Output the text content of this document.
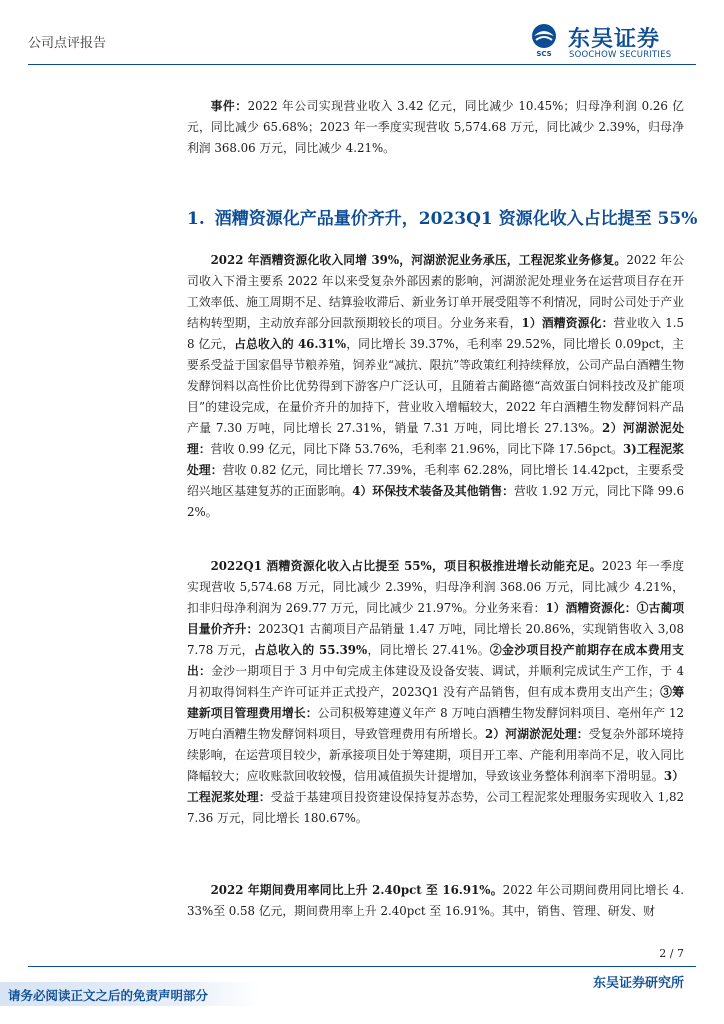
公司点评报告
SCS
东吴证券
SOOCHOW SECURITIES

事件：2022 年公司实现营业收入 3.42 亿元，同比减少 10.45%；归母净利润 0.26 亿元，同比减少 65.68%；2023 年一季度实现营收 5,574.68 万元，同比减少 2.39%，归母净利润 368.06 万元，同比减少 4.21%。

1. 酒糟资源化产品量价齐升，2023Q1 资源化收入占比提至 55%

2022 年酒糟资源化收入同增 39%，河湖淤泥业务承压，工程泥浆业务修复。2022 年公司收入下滑主要系 2022 年以来受复杂外部因素的影响，河湖淤泥处理业务在运营项目存在开工效率低、施工周期不足、结算验收滞后、新业务订单开展受阻等不利情况，同时公司处于产业结构转型期，主动放弃部分回款预期较长的项目。分业务来看，1）酒糟资源化：营业收入 1.58 亿元，占总收入的 46.31%，同比增长 39.37%，毛利率 29.52%，同比增长 0.09pct，主要系受益于国家倡导节粮养殖，饲养业“减抗、限抗”等政策红利持续释放，公司产品白酒糟生物发酵饲料以高性价比优势得到下游客户广泛认可，且随着古蔺路德“高效蛋白饲料技改及扩能项目”的建设完成，在量价齐升的加持下，营业收入增幅较大，2022 年白酒糟生物发酵饲料产品产量 7.30 万吨，同比增长 27.31%，销量 7.31 万吨，同比增长 27.13%。2）河湖淤泥处理：营收 0.99 亿元，同比下降 53.76%，毛利率 21.96%，同比下降 17.56pct。3)工程泥浆处理：营收 0.82 亿元，同比增长 77.39%，毛利率 62.28%，同比增长 14.42pct，主要系受绍兴地区基建复苏的正面影响。4）环保技术装备及其他销售：营收 1.92 万元，同比下降 99.62%。

2022Q1 酒糟资源化收入占比提至 55%，项目积极推进增长动能充足。2023 年一季度实现营收 5,574.68 万元，同比减少 2.39%，归母净利润 368.06 万元，同比减少 4.21%，扣非归母净利润为 269.77 万元，同比减少 21.97%。分业务来看：1）酒糟资源化：①古蔺项目量价齐升：2023Q1 古蔺项目产品销量 1.47 万吨，同比增长 20.86%，实现销售收入 3,087.78 万元，占总收入的 55.39%，同比增长 27.41%。②金沙项目投产前期存在成本费用支出：金沙一期项目于 3 月中旬完成主体建设及设备安装、调试，并顺利完成试生产工作，于 4 月初取得饲料生产许可证并正式投产，2023Q1 没有产品销售，但有成本费用支出产生；③筹建新项目管理费用增长：公司积极筹建遵义年产 8 万吨白酒糟生物发酵饲料项目、亳州年产 12 万吨白酒糟生物发酵饲料项目，导致管理费用有所增长。2）河湖淤泥处理：受复杂外部环境持续影响，在运营项目较少，新承接项目处于筹建期，项目开工率、产能利用率尚不足，收入同比降幅较大；应收账款回收较慢，信用减值损失计提增加，导致该业务整体利润率下滑明显。3）工程泥浆处理：受益于基建项目投资建设保持复苏态势，公司工程泥浆处理服务实现收入 1,827.36 万元，同比增长 180.67%。

2022 年期间费用率同比上升 2.40pct 至 16.91%。2022 年公司期间费用同比增长 4.33%至 0.58 亿元，期间费用率上升 2.40pct 至 16.91%。其中，销售、管理、研发、财

2 / 7
东吴证券研究所
请务必阅读正文之后的免责声明部分
